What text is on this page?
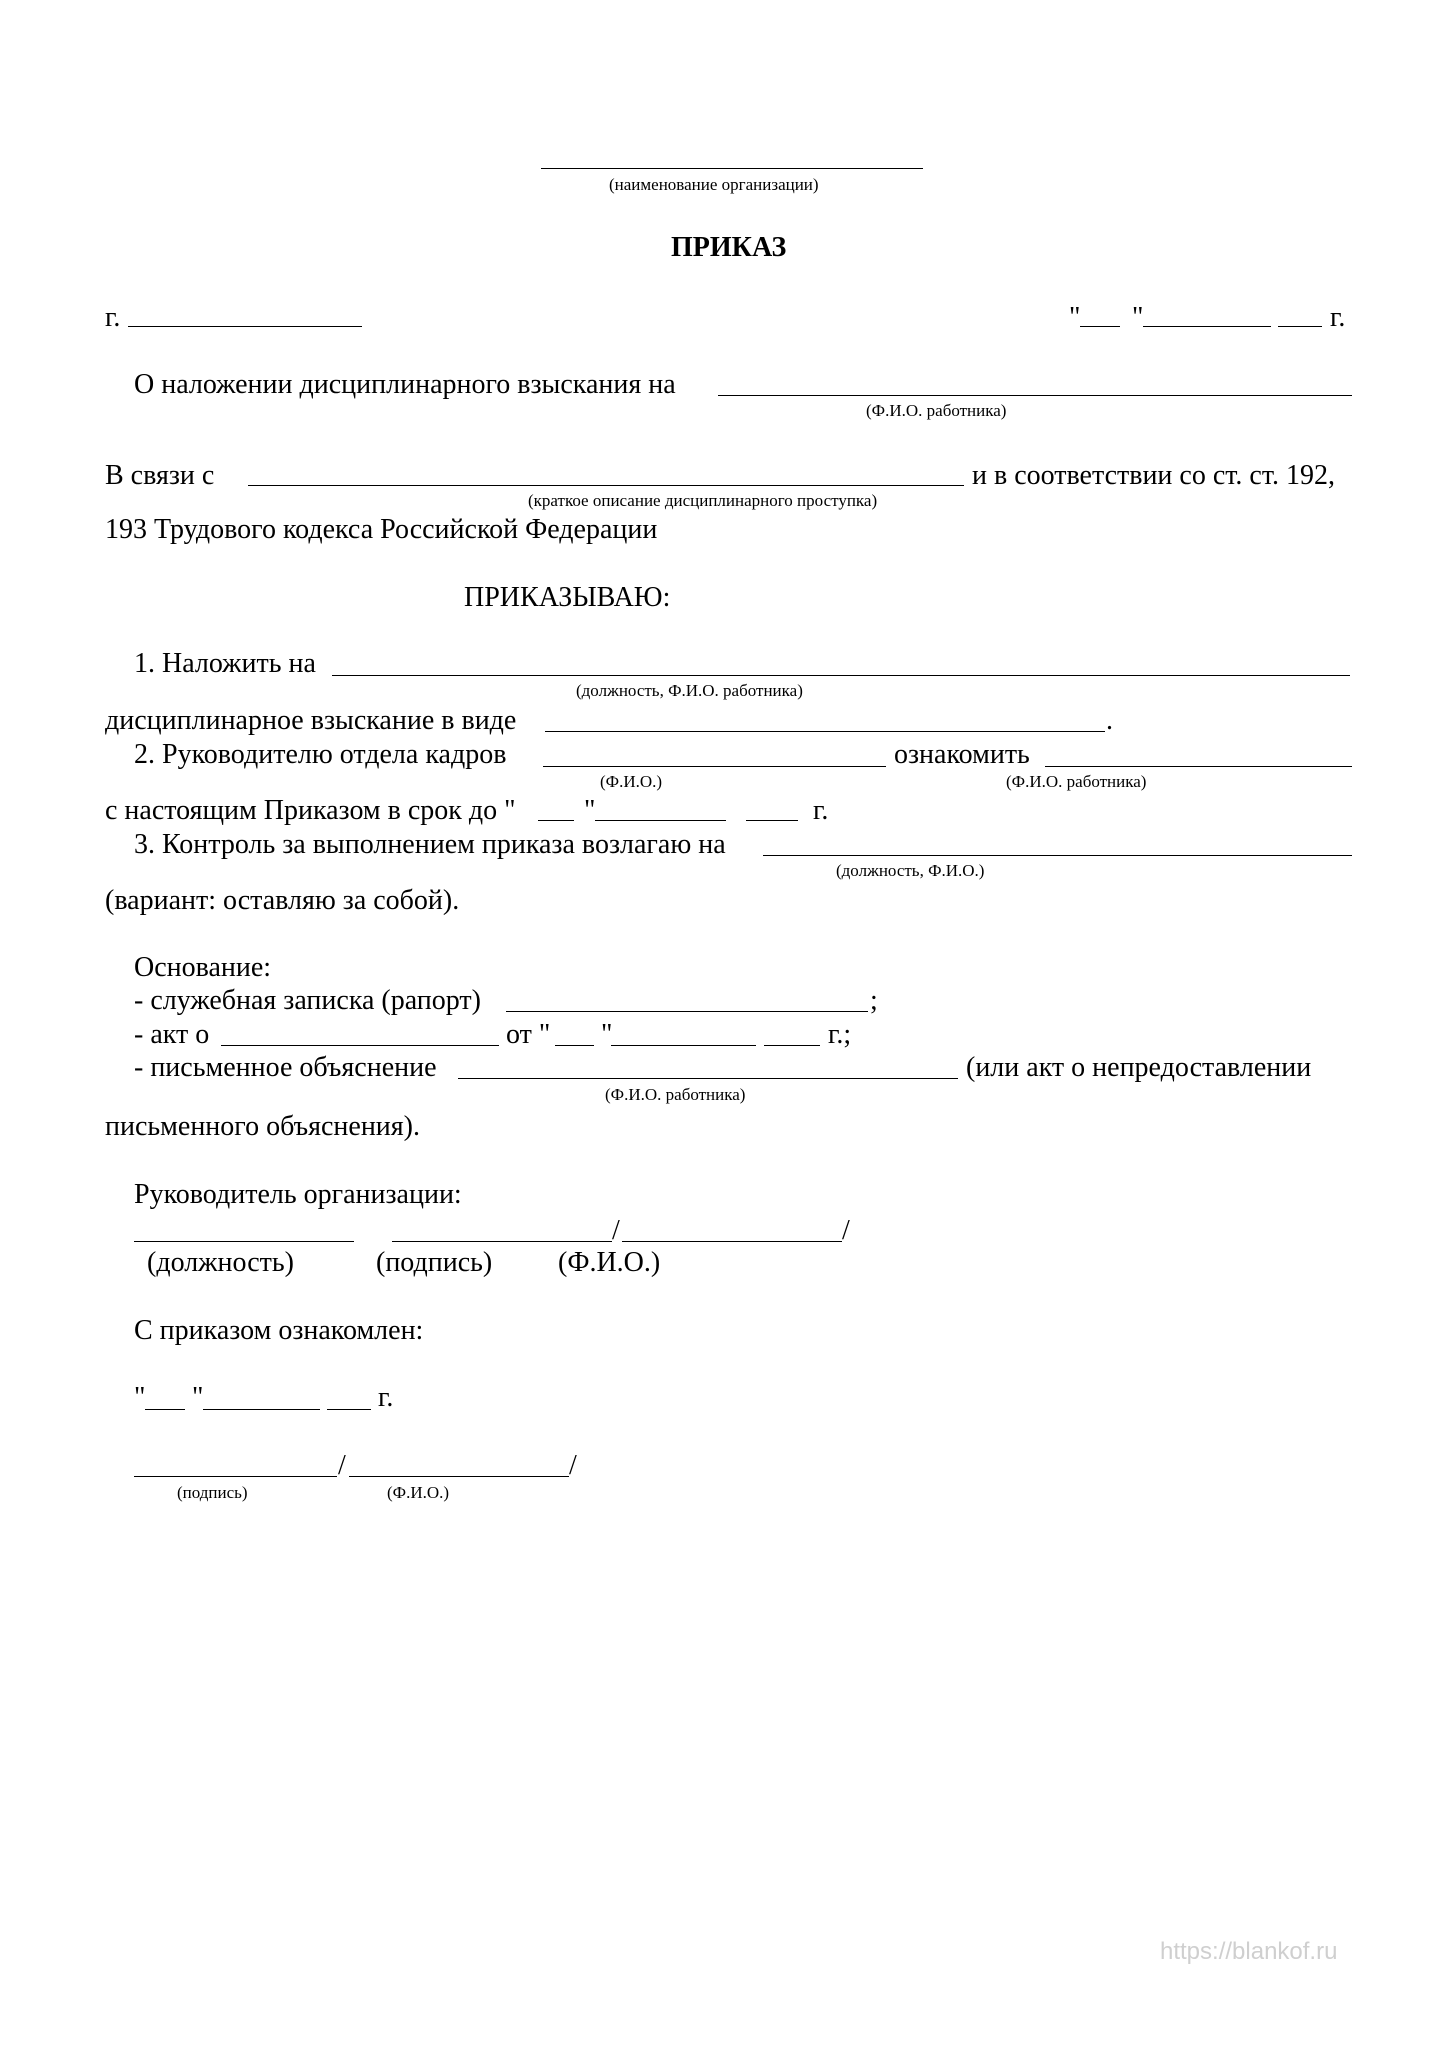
(наименование организации)
ПРИКАЗ
г.	" "	г.
О наложении дисциплинарного взыскания на
(Ф.И.О. работника)
В связи с	и в соответствии со ст. ст. 192,
(краткое описание дисциплинарного проступка)
193 Трудового кодекса Российской Федерации
ПРИКАЗЫВАЮ:
1. Наложить на
(должность, Ф.И.О. работника)
дисциплинарное взыскание в виде	.
2. Руководителю отдела кадров	ознакомить
(Ф.И.О.)	(Ф.И.О. работника)
с настоящим Приказом в срок до " "	г.
3. Контроль за выполнением приказа возлагаю на
(должность, Ф.И.О.)
(вариант: оставляю за собой).
Основание:
- служебная записка (рапорт)	;
- акт о	от " "	г.;
- письменное объяснение	(или акт о непредоставлении
(Ф.И.О. работника)
письменного объяснения).
Руководитель организации:
/	/
(должность)	(подпись) (Ф.И.О.)
С приказом ознакомлен:
" "	г.
/	/
(подпись)	(Ф.И.О.)
https://blankof.ru
